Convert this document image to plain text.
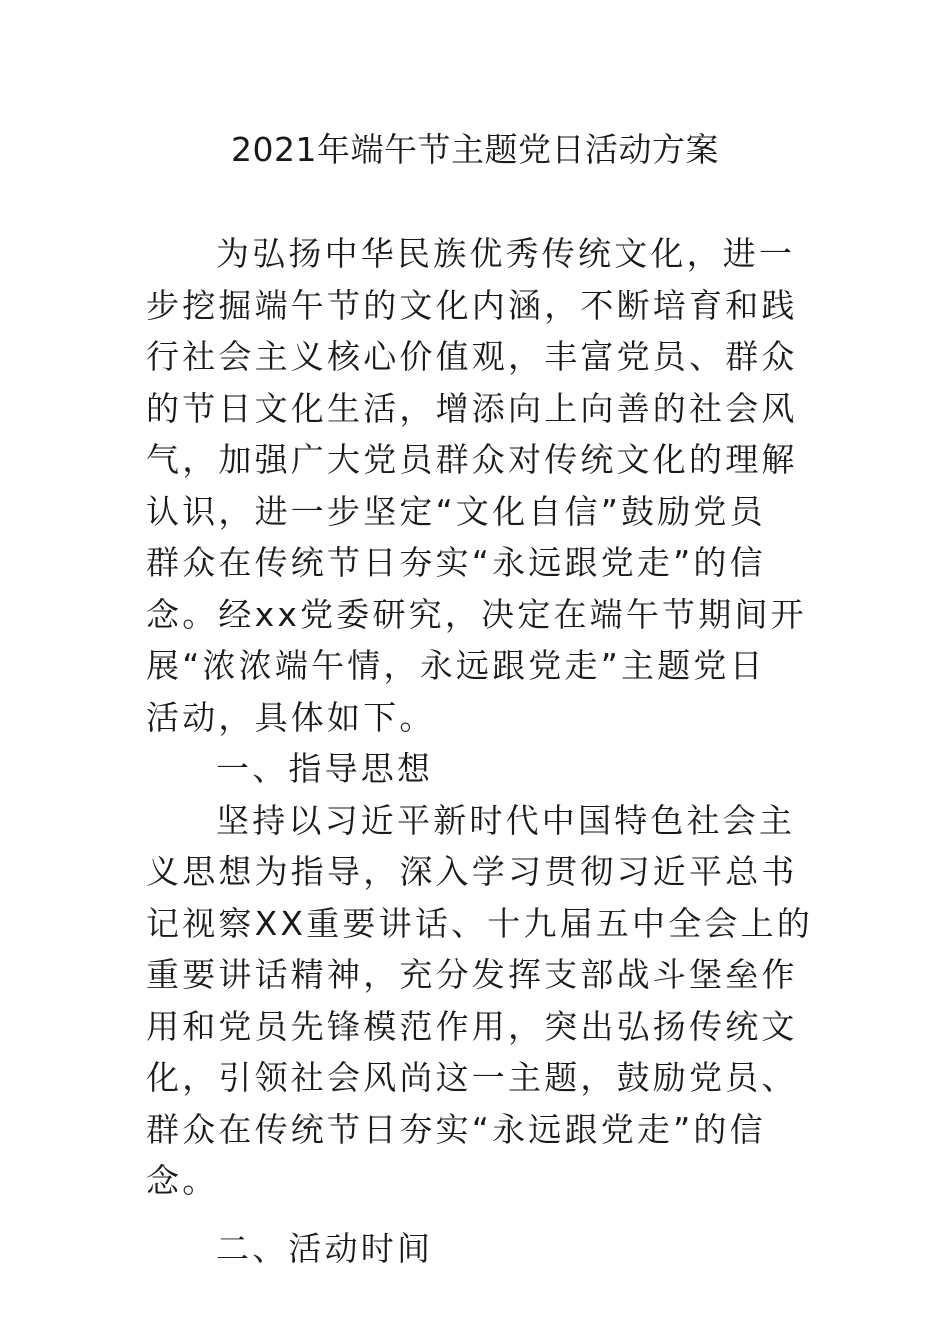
2021年端午节主题党日活动方案
为弘扬中华民族优秀传统文化，进一
步挖掘端午节的文化内涵，不断培育和践
行社会主义核心价值观，丰富党员、群众
的节日文化生活，增添向上向善的社会风
气，加强广大党员群众对传统文化的理解
认识，进一步坚定“文化自信”鼓励党员
群众在传统节日夯实“永远跟党走”的信
念。经xx党委研究，决定在端午节期间开
展“浓浓端午情，永远跟党走”主题党日
活动，具体如下。
一、指导思想
坚持以习近平新时代中国特色社会主
义思想为指导，深入学习贯彻习近平总书
记视察XX重要讲话、十九届五中全会上的
重要讲话精神，充分发挥支部战斗堡垒作
用和党员先锋模范作用，突出弘扬传统文
化，引领社会风尚这一主题，鼓励党员、
群众在传统节日夯实“永远跟党走”的信
念。
二、活动时间
